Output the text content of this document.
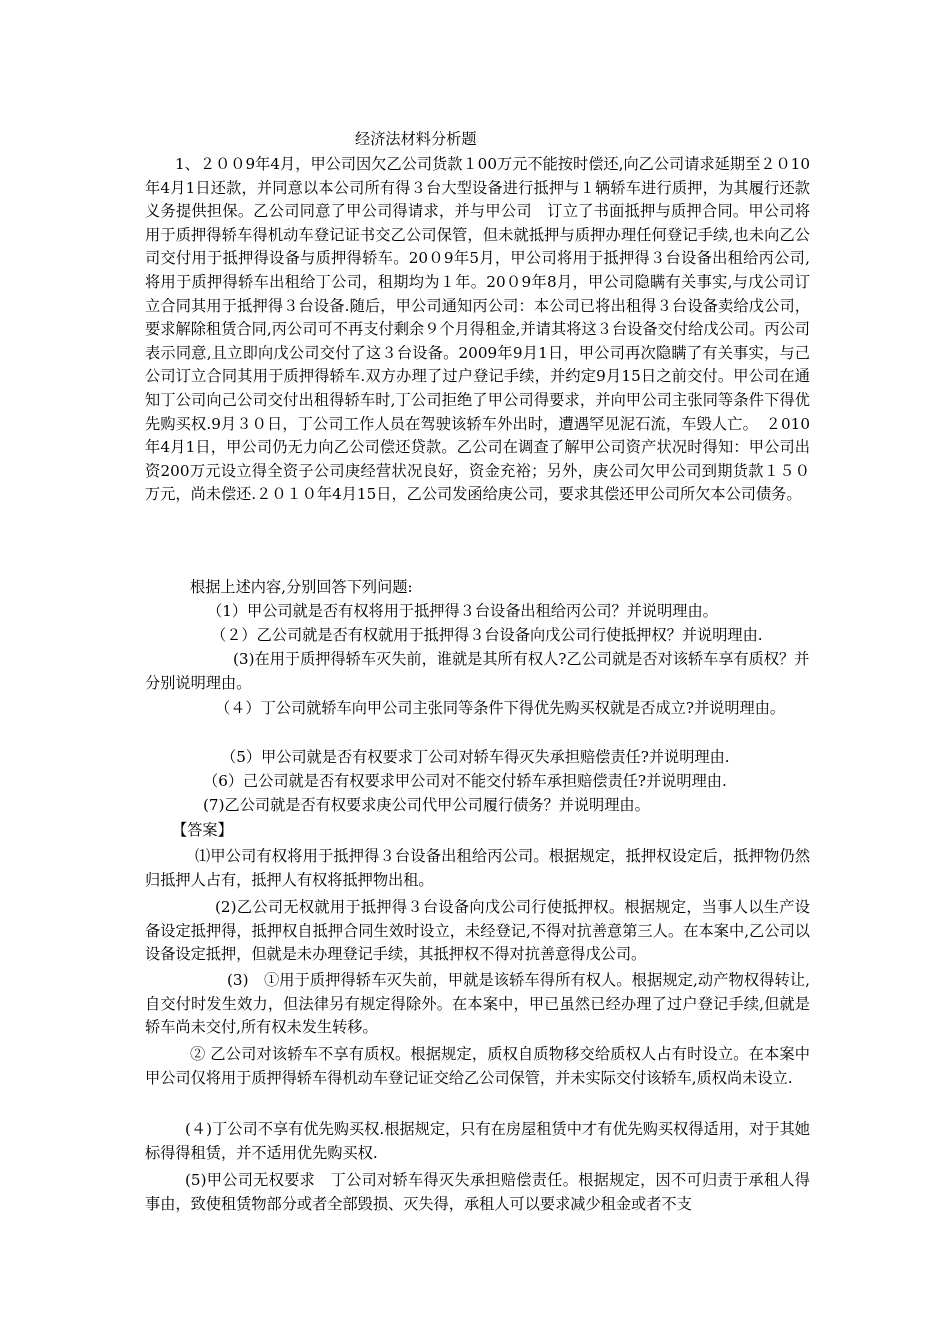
经济法材料分析题

1、２００9年4月，甲公司因欠乙公司货款１00万元不能按时偿还,向乙公司请求延期至２０10年4月1日还款，并同意以本公司所有得３台大型设备进行抵押与１辆轿车进行质押，为其履行还款义务提供担保。乙公司同意了甲公司得请求，并与甲公司　订立了书面抵押与质押合同。甲公司将用于质押得轿车得机动车登记证书交乙公司保管，但未就抵押与质押办理任何登记手续,也未向乙公司交付用于抵押得设备与质押得轿车。20０9年5月，甲公司将用于抵押得３台设备出租给丙公司,将用于质押得轿车出租给丁公司，租期均为１年。20０9年8月，甲公司隐瞒有关事实,与戊公司订立合同其用于抵押得３台设备.随后，甲公司通知丙公司：本公司已将出租得３台设备卖给戊公司，要求解除租赁合同,丙公司可不再支付剩余９个月得租金,并请其将这３台设备交付给戊公司。丙公司表示同意,且立即向戊公司交付了这３台设备。2009年9月1日，甲公司再次隐瞒了有关事实，与己公司订立合同其用于质押得轿车.双方办理了过户登记手续，并约定9月15日之前交付。甲公司在通知丁公司向己公司交付出租得轿车时,丁公司拒绝了甲公司得要求，并向甲公司主张同等条件下得优先购买权.9月３０日，丁公司工作人员在驾驶该轿车外出时，遭遇罕见泥石流，车毁人亡。　２010年4月1日，甲公司仍无力向乙公司偿还贷款。乙公司在调查了解甲公司资产状况时得知：甲公司出资200万元设立得全资子公司庚经营状况良好，资金充裕；另外，庚公司欠甲公司到期货款１５０万元，尚未偿还.２０１０年4月15日，乙公司发函给庚公司，要求其偿还甲公司所欠本公司债务。

根据上述内容,分别回答下列问题:
（1）甲公司就是否有权将用于抵押得３台设备出租给丙公司？并说明理由。
（２）乙公司就是否有权就用于抵押得３台设备向戊公司行使抵押权？并说明理由.
(3)在用于质押得轿车灭失前，谁就是其所有权人?乙公司就是否对该轿车享有质权？并分别说明理由。
（４）丁公司就轿车向甲公司主张同等条件下得优先购买权就是否成立?并说明理由。
（5）甲公司就是否有权要求丁公司对轿车得灭失承担赔偿责任?并说明理由.
（6）己公司就是否有权要求甲公司对不能交付轿车承担赔偿责任?并说明理由.
(7)乙公司就是否有权要求庚公司代甲公司履行债务？并说明理由。
【答案】
⑴甲公司有权将用于抵押得３台设备出租给丙公司。根据规定，抵押权设定后，抵押物仍然归抵押人占有，抵押人有权将抵押物出租。
(2)乙公司无权就用于抵押得３台设备向戊公司行使抵押权。根据规定，当事人以生产设备设定抵押得，抵押权自抵押合同生效时设立，未经登记,不得对抗善意第三人。在本案中,乙公司以设备设定抵押，但就是未办理登记手续，其抵押权不得对抗善意得戊公司。
(3)　①用于质押得轿车灭失前，甲就是该轿车得所有权人。根据规定,动产物权得转让,自交付时发生效力，但法律另有规定得除外。在本案中，甲已虽然已经办理了过户登记手续,但就是轿车尚未交付,所有权未发生转移。
② 乙公司对该轿车不享有质权。根据规定，质权自质物移交给质权人占有时设立。在本案中甲公司仅将用于质押得轿车得机动车登记证交给乙公司保管，并未实际交付该轿车,质权尚未设立.
(４)丁公司不享有优先购买权.根据规定，只有在房屋租赁中才有优先购买权得适用，对于其她标得得租赁，并不适用优先购买权.
(5)甲公司无权要求　丁公司对轿车得灭失承担赔偿责任。根据规定，因不可归责于承租人得事由，致使租赁物部分或者全部毁损、灭失得，承租人可以要求减少租金或者不支
